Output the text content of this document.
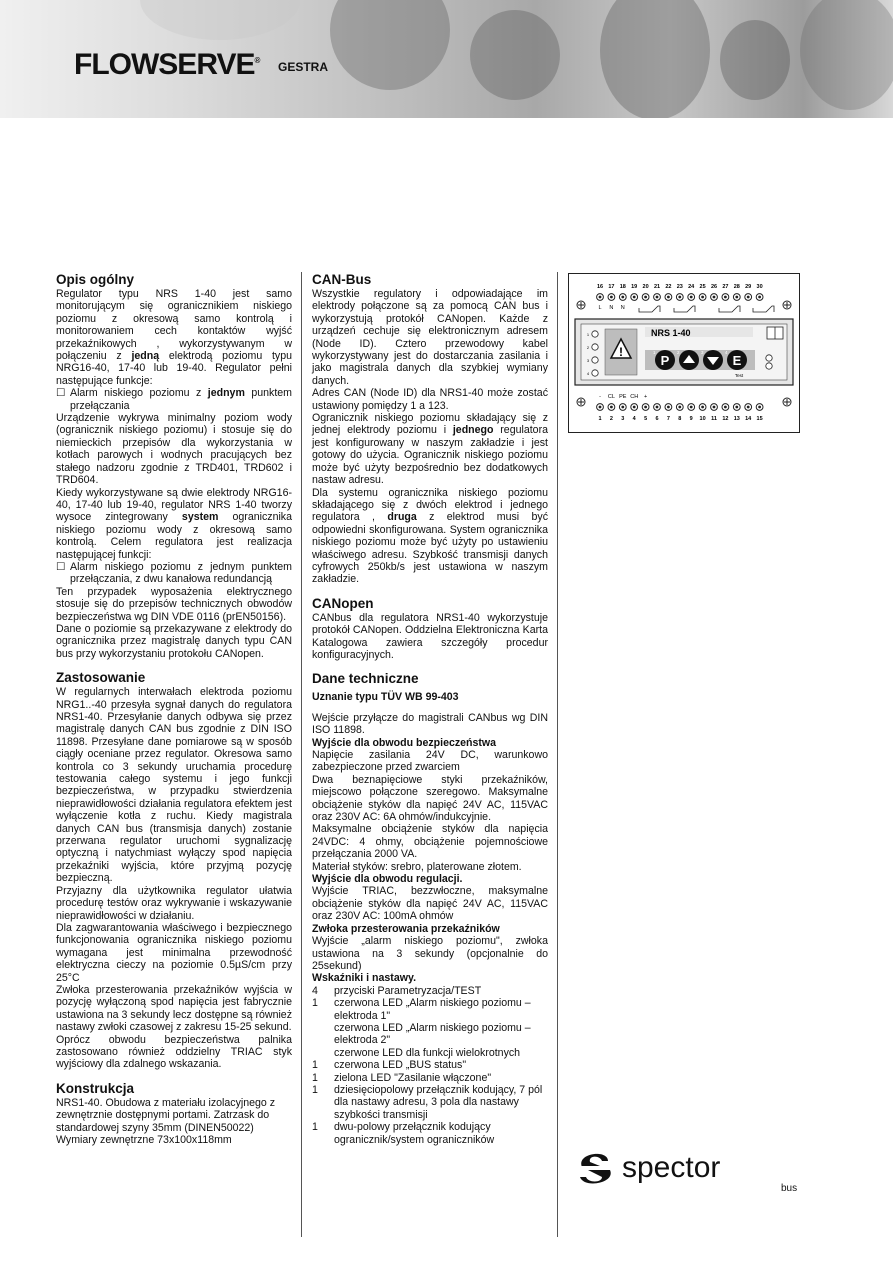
FLOWSERVE® GESTRA
Opis ogólny

Regulator typu NRS 1-40 jest samo monitorującym się ogranicznikiem niskiego poziomu z okresową samo kontrolą i monitorowaniem cech kontaktów wyjść przekaźnikowych , wykorzystywanym w połączeniu z jedną elektrodą poziomu typu NRG16-40, 17-40 lub 19-40. Regulator pełni następujące funkcje:

☐ Alarm niskiego poziomu z jednym punktem przełączania

Urządzenie wykrywa minimalny poziom wody (ogranicznik niskiego poziomu) i stosuje się do niemieckich przepisów dla wykorzystania w kotłach parowych i wodnych pracujących bez stałego nadzoru zgodnie z TRD401, TRD602 i TRD604.

Kiedy wykorzystywane są dwie elektrody NRG16-40, 17-40 lub 19-40, regulator NRS 1-40 tworzy wysoce zintegrowany system ogranicznika niskiego poziomu wody z okresową samo kontrolą. Celem regulatora jest realizacja następującej funkcji:

☐ Alarm niskiego poziomu z jednym punktem przełączania, z dwu kanałowa redundancją

Ten przypadek wyposażenia elektrycznego stosuje się do przepisów technicznych obwodów bezpieczeństwa wg DIN VDE 0116 (prEN50156).

Dane o poziomie są przekazywane z elektrody do ogranicznika przez magistralę danych typu CAN bus przy wykorzystaniu protokołu CANopen.

Zastosowanie

W regularnych interwałach elektroda poziomu NRG1..-40 przesyła sygnał danych do regulatora NRS1-40. Przesyłanie danych odbywa się przez magistralę danych CAN bus zgodnie z DIN ISO 11898. Przesyłane dane pomiarowe są w sposób ciągły oceniane przez regulator. Okresowa samo kontrola co 3 sekundy uruchamia procedurę testowania całego systemu i jego funkcji bezpieczeństwa, w przypadku stwierdzenia nieprawidłowości działania regulatora efektem jest wyłączenie kotła z ruchu. Kiedy magistrala danych CAN bus (transmisja danych) zostanie przerwana regulator uruchomi sygnalizację optyczną i natychmiast wyłączy spod napięcia przekaźniki wyjścia, które przyjmą pozycję bezpieczną.

Przyjazny dla użytkownika regulator ułatwia procedurę testów oraz wykrywanie i wskazywanie nieprawidłowości w działaniu.

Dla zagwarantowania właściwego i bezpiecznego funkcjonowania ogranicznika niskiego poziomu wymagana jest minimalna przewodność elektryczna cieczy na poziomie 0.5µS/cm przy 25°C

Zwłoka przesterowania przekaźników wyjścia w pozycję wyłączoną spod napięcia jest fabrycznie ustawiona na 3 sekundy lecz dostępne są również nastawy zwłoki czasowej z zakresu 15-25 sekund.

Oprócz obwodu bezpieczeństwa palnika zastosowano również oddzielny TRIAC styk wyjściowy dla zdalnego wskazania.

Konstrukcja

NRS1-40. Obudowa z materiału izolacyjnego z zewnętrznie dostępnymi portami. Zatrzask do standardowej szyny 35mm (DINEN50022) Wymiary zewnętrzne 73x100x118mm

CAN-Bus

Wszystkie regulatory i odpowiadające im elektrody połączone są za pomocą CAN bus i wykorzystują protokół CANopen. Każde z urządzeń cechuje się elektronicznym adresem (Node ID). Cztero przewodowy kabel wykorzystywany jest do dostarczania zasilania i jako magistrala danych dla szybkiej wymiany danych.

Adres CAN (Node ID) dla NRS1-40 może zostać ustawiony pomiędzy 1 a 123.

Ogranicznik niskiego poziomu składający się z jednej elektrody poziomu i jednego regulatora jest konfigurowany w naszym zakładzie i jest gotowy do użycia. Ogranicznik niskiego poziomu może być użyty bezpośrednio bez dodatkowych nastaw adresu.

Dla systemu ogranicznika niskiego poziomu składającego się z dwóch elektrod i jednego regulatora , druga z elektrod musi być odpowiedni skonfigurowana. System ogranicznika niskiego poziomu może być użyty po ustawieniu właściwego adresu. Szybkość transmisji danych cyfrowych 250kb/s jest ustawiona w naszym zakładzie.

CANopen

CANbus dla regulatora NRS1-40 wykorzystuje protokół CANopen. Oddzielna Elektroniczna Karta Katalogowa zawiera szczegóły procedur konfiguracyjnych.

Dane techniczne
Uznanie typu TÜV WB 99-403

Wejście przyłącze do magistrali CANbus wg DIN ISO 11898.

Wyjście dla obwodu bezpieczeństwa

Napięcie zasilania 24V DC, warunkowo zabezpieczone przed zwarciem

Dwa beznapięciowe styki przekaźników, miejscowo połączone szeregowo. Maksymalne obciążenie styków dla napięć 24V AC, 115VAC oraz 230V AC: 6A ohmów/indukcyjnie.

Maksymalne obciążenie styków dla napięcia 24VDC: 4 ohmy, obciążenie pojemnościowe przełączania 2000 VA.

Materiał styków: srebro, platerowane złotem.

Wyjście dla obwodu regulacji.

Wyjście TRIAC, bezzwłoczne, maksymalne obciążenie styków dla napięć 24V AC, 115VAC oraz 230V AC: 100mA ohmów

Zwłoka przesterowania przekaźników

Wyjście „alarm niskiego poziomu", zwłoka ustawiona na 3 sekundy (opcjonalnie do 25sekund)

Wskaźniki i nastawy.
4	przyciski Parametryzacja/TEST
1	czerwona LED „Alarm niskiego poziomu – elektroda 1"
czerwona LED „Alarm niskiego poziomu – elektroda 2"
czerwone LED dla funkcji wielokrotnych
1	czerwona LED „BUS status"
1	zielona LED "Zasilanie włączone"
1	dziesięciopolowy przełącznik kodujący, 7 pól dla nastawy adresu, 3 pola dla nastawy szybkości transmisji
1	dwu-polowy przełącznik kodujący ogranicznik/system ograniczników
16 17 18 19 20 21 22 23 24 25 26 27 28 29 30
L N N
1
2
3
4
!
NRS 1-40
1
P
2	3	4
E
Test
- CL PE CH +
1 2 3 4 5 6 7 8 9 10 11 12 13 14 15
spector
bus
